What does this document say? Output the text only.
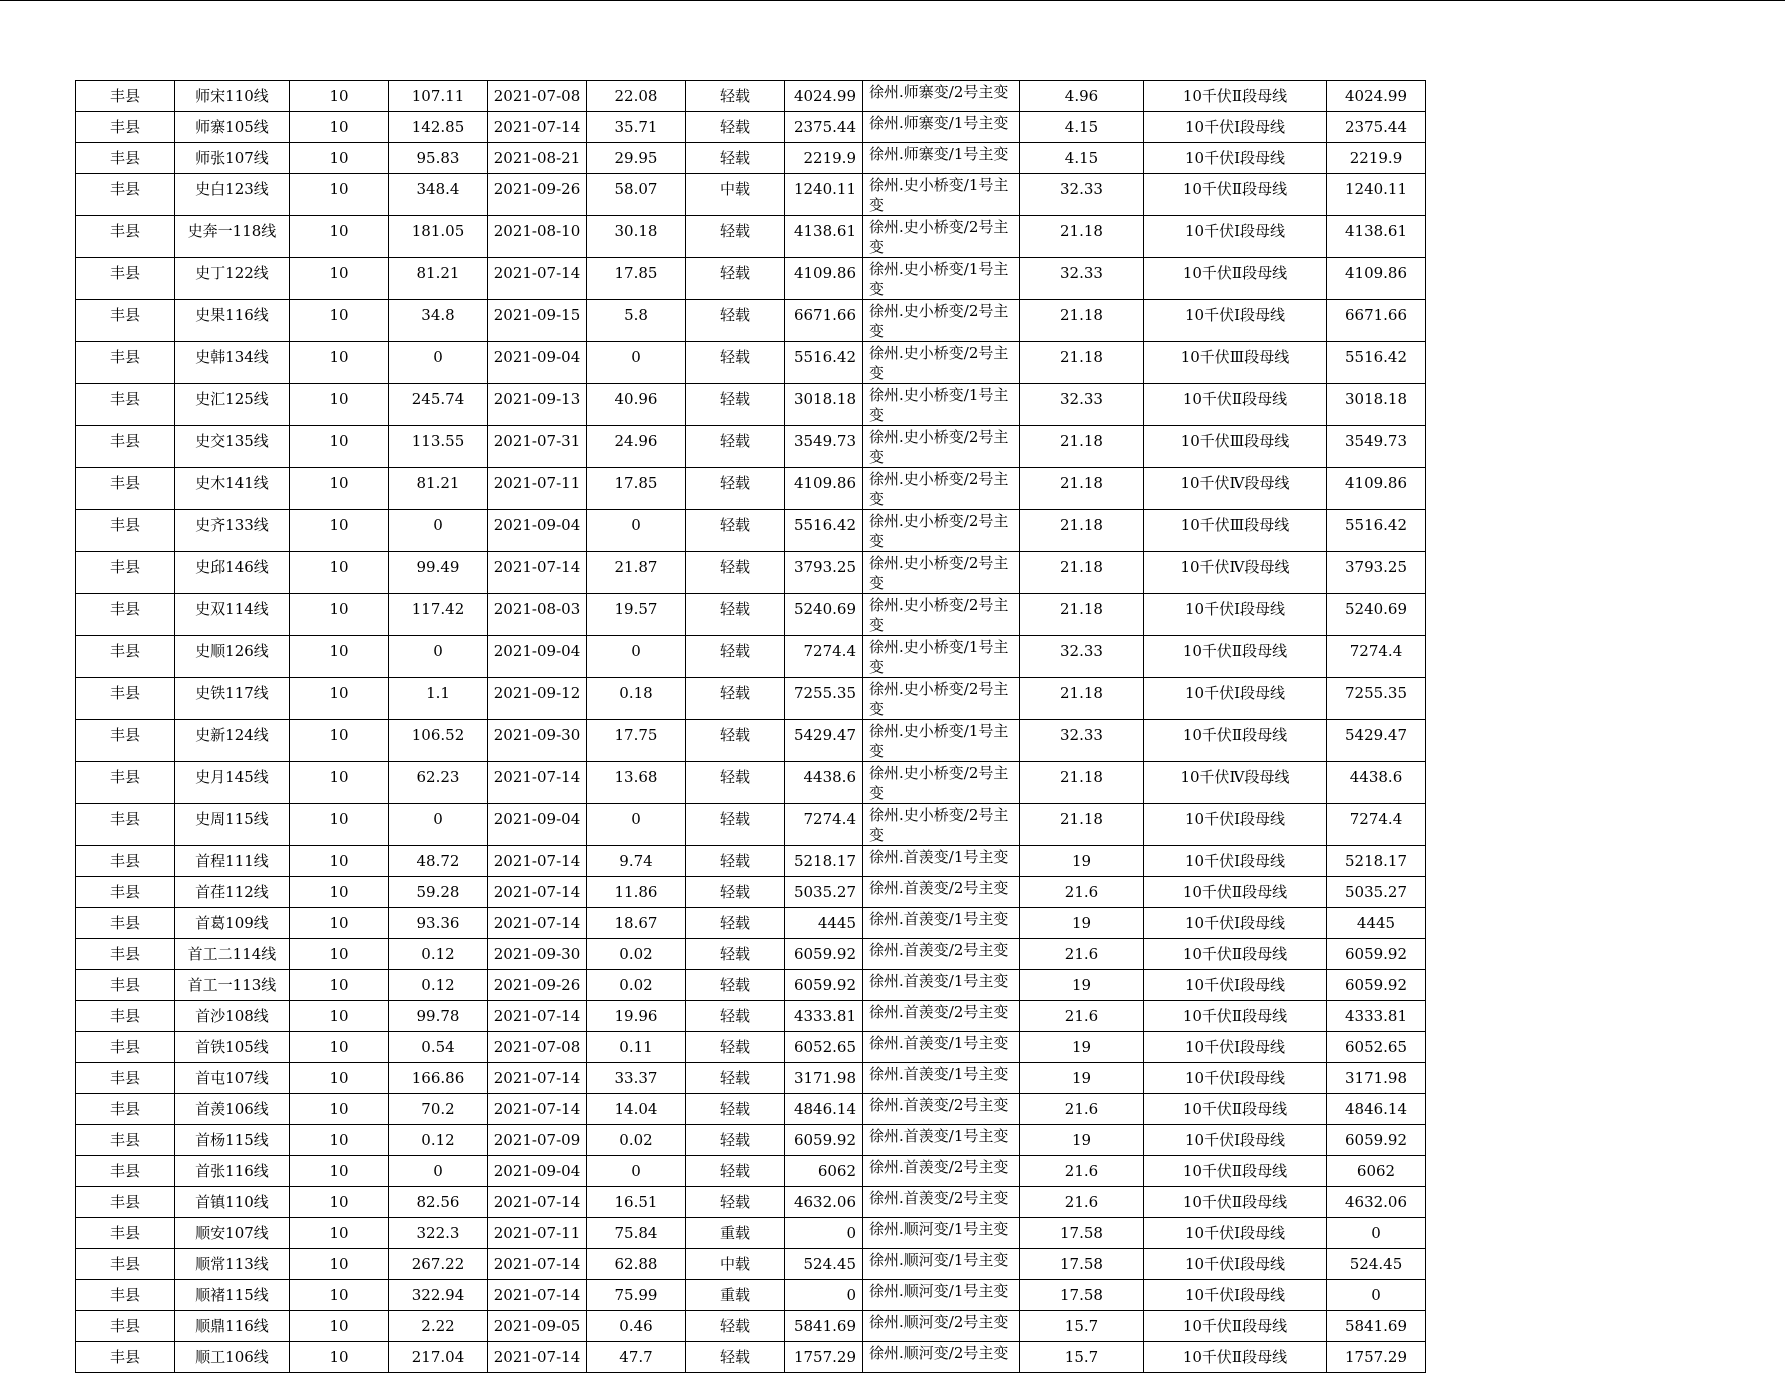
丰县	师宋110线	10	107.11	2021-07-08	22.08	轻载	4024.99	徐州.师寨变/2号主变	4.96	10千伏Ⅱ段母线	4024.99
丰县	师寨105线	10	142.85	2021-07-14	35.71	轻载	2375.44	徐州.师寨变/1号主变	4.15	10千伏Ⅰ段母线	2375.44
丰县	师张107线	10	95.83	2021-08-21	29.95	轻载	2219.9	徐州.师寨变/1号主变	4.15	10千伏Ⅰ段母线	2219.9
丰县	史白123线	10	348.4	2021-09-26	58.07	中载	1240.11	徐州.史小桥变/1号主变	32.33	10千伏Ⅱ段母线	1240.11
丰县	史奔一118线	10	181.05	2021-08-10	30.18	轻载	4138.61	徐州.史小桥变/2号主变	21.18	10千伏Ⅰ段母线	4138.61
丰县	史丁122线	10	81.21	2021-07-14	17.85	轻载	4109.86	徐州.史小桥变/1号主变	32.33	10千伏Ⅱ段母线	4109.86
丰县	史果116线	10	34.8	2021-09-15	5.8	轻载	6671.66	徐州.史小桥变/2号主变	21.18	10千伏Ⅰ段母线	6671.66
丰县	史韩134线	10	0	2021-09-04	0	轻载	5516.42	徐州.史小桥变/2号主变	21.18	10千伏Ⅲ段母线	5516.42
丰县	史汇125线	10	245.74	2021-09-13	40.96	轻载	3018.18	徐州.史小桥变/1号主变	32.33	10千伏Ⅱ段母线	3018.18
丰县	史交135线	10	113.55	2021-07-31	24.96	轻载	3549.73	徐州.史小桥变/2号主变	21.18	10千伏Ⅲ段母线	3549.73
丰县	史木141线	10	81.21	2021-07-11	17.85	轻载	4109.86	徐州.史小桥变/2号主变	21.18	10千伏Ⅳ段母线	4109.86
丰县	史齐133线	10	0	2021-09-04	0	轻载	5516.42	徐州.史小桥变/2号主变	21.18	10千伏Ⅲ段母线	5516.42
丰县	史邱146线	10	99.49	2021-07-14	21.87	轻载	3793.25	徐州.史小桥变/2号主变	21.18	10千伏Ⅳ段母线	3793.25
丰县	史双114线	10	117.42	2021-08-03	19.57	轻载	5240.69	徐州.史小桥变/2号主变	21.18	10千伏Ⅰ段母线	5240.69
丰县	史顺126线	10	0	2021-09-04	0	轻载	7274.4	徐州.史小桥变/1号主变	32.33	10千伏Ⅱ段母线	7274.4
丰县	史铁117线	10	1.1	2021-09-12	0.18	轻载	7255.35	徐州.史小桥变/2号主变	21.18	10千伏Ⅰ段母线	7255.35
丰县	史新124线	10	106.52	2021-09-30	17.75	轻载	5429.47	徐州.史小桥变/1号主变	32.33	10千伏Ⅱ段母线	5429.47
丰县	史月145线	10	62.23	2021-07-14	13.68	轻载	4438.6	徐州.史小桥变/2号主变	21.18	10千伏Ⅳ段母线	4438.6
丰县	史周115线	10	0	2021-09-04	0	轻载	7274.4	徐州.史小桥变/2号主变	21.18	10千伏Ⅰ段母线	7274.4
丰县	首程111线	10	48.72	2021-07-14	9.74	轻载	5218.17	徐州.首羡变/1号主变	19	10千伏Ⅰ段母线	5218.17
丰县	首荏112线	10	59.28	2021-07-14	11.86	轻载	5035.27	徐州.首羡变/2号主变	21.6	10千伏Ⅱ段母线	5035.27
丰县	首葛109线	10	93.36	2021-07-14	18.67	轻载	4445	徐州.首羡变/1号主变	19	10千伏Ⅰ段母线	4445
丰县	首工二114线	10	0.12	2021-09-30	0.02	轻载	6059.92	徐州.首羡变/2号主变	21.6	10千伏Ⅱ段母线	6059.92
丰县	首工一113线	10	0.12	2021-09-26	0.02	轻载	6059.92	徐州.首羡变/1号主变	19	10千伏Ⅰ段母线	6059.92
丰县	首沙108线	10	99.78	2021-07-14	19.96	轻载	4333.81	徐州.首羡变/2号主变	21.6	10千伏Ⅱ段母线	4333.81
丰县	首铁105线	10	0.54	2021-07-08	0.11	轻载	6052.65	徐州.首羡变/1号主变	19	10千伏Ⅰ段母线	6052.65
丰县	首屯107线	10	166.86	2021-07-14	33.37	轻载	3171.98	徐州.首羡变/1号主变	19	10千伏Ⅰ段母线	3171.98
丰县	首羡106线	10	70.2	2021-07-14	14.04	轻载	4846.14	徐州.首羡变/2号主变	21.6	10千伏Ⅱ段母线	4846.14
丰县	首杨115线	10	0.12	2021-07-09	0.02	轻载	6059.92	徐州.首羡变/1号主变	19	10千伏Ⅰ段母线	6059.92
丰县	首张116线	10	0	2021-09-04	0	轻载	6062	徐州.首羡变/2号主变	21.6	10千伏Ⅱ段母线	6062
丰县	首镇110线	10	82.56	2021-07-14	16.51	轻载	4632.06	徐州.首羡变/2号主变	21.6	10千伏Ⅱ段母线	4632.06
丰县	顺安107线	10	322.3	2021-07-11	75.84	重载	0	徐州.顺河变/1号主变	17.58	10千伏Ⅰ段母线	0
丰县	顺常113线	10	267.22	2021-07-14	62.88	中载	524.45	徐州.顺河变/1号主变	17.58	10千伏Ⅰ段母线	524.45
丰县	顺褚115线	10	322.94	2021-07-14	75.99	重载	0	徐州.顺河变/1号主变	17.58	10千伏Ⅰ段母线	0
丰县	顺鼎116线	10	2.22	2021-09-05	0.46	轻载	5841.69	徐州.顺河变/2号主变	15.7	10千伏Ⅱ段母线	5841.69
丰县	顺工106线	10	217.04	2021-07-14	47.7	轻载	1757.29	徐州.顺河变/2号主变	15.7	10千伏Ⅱ段母线	1757.29
